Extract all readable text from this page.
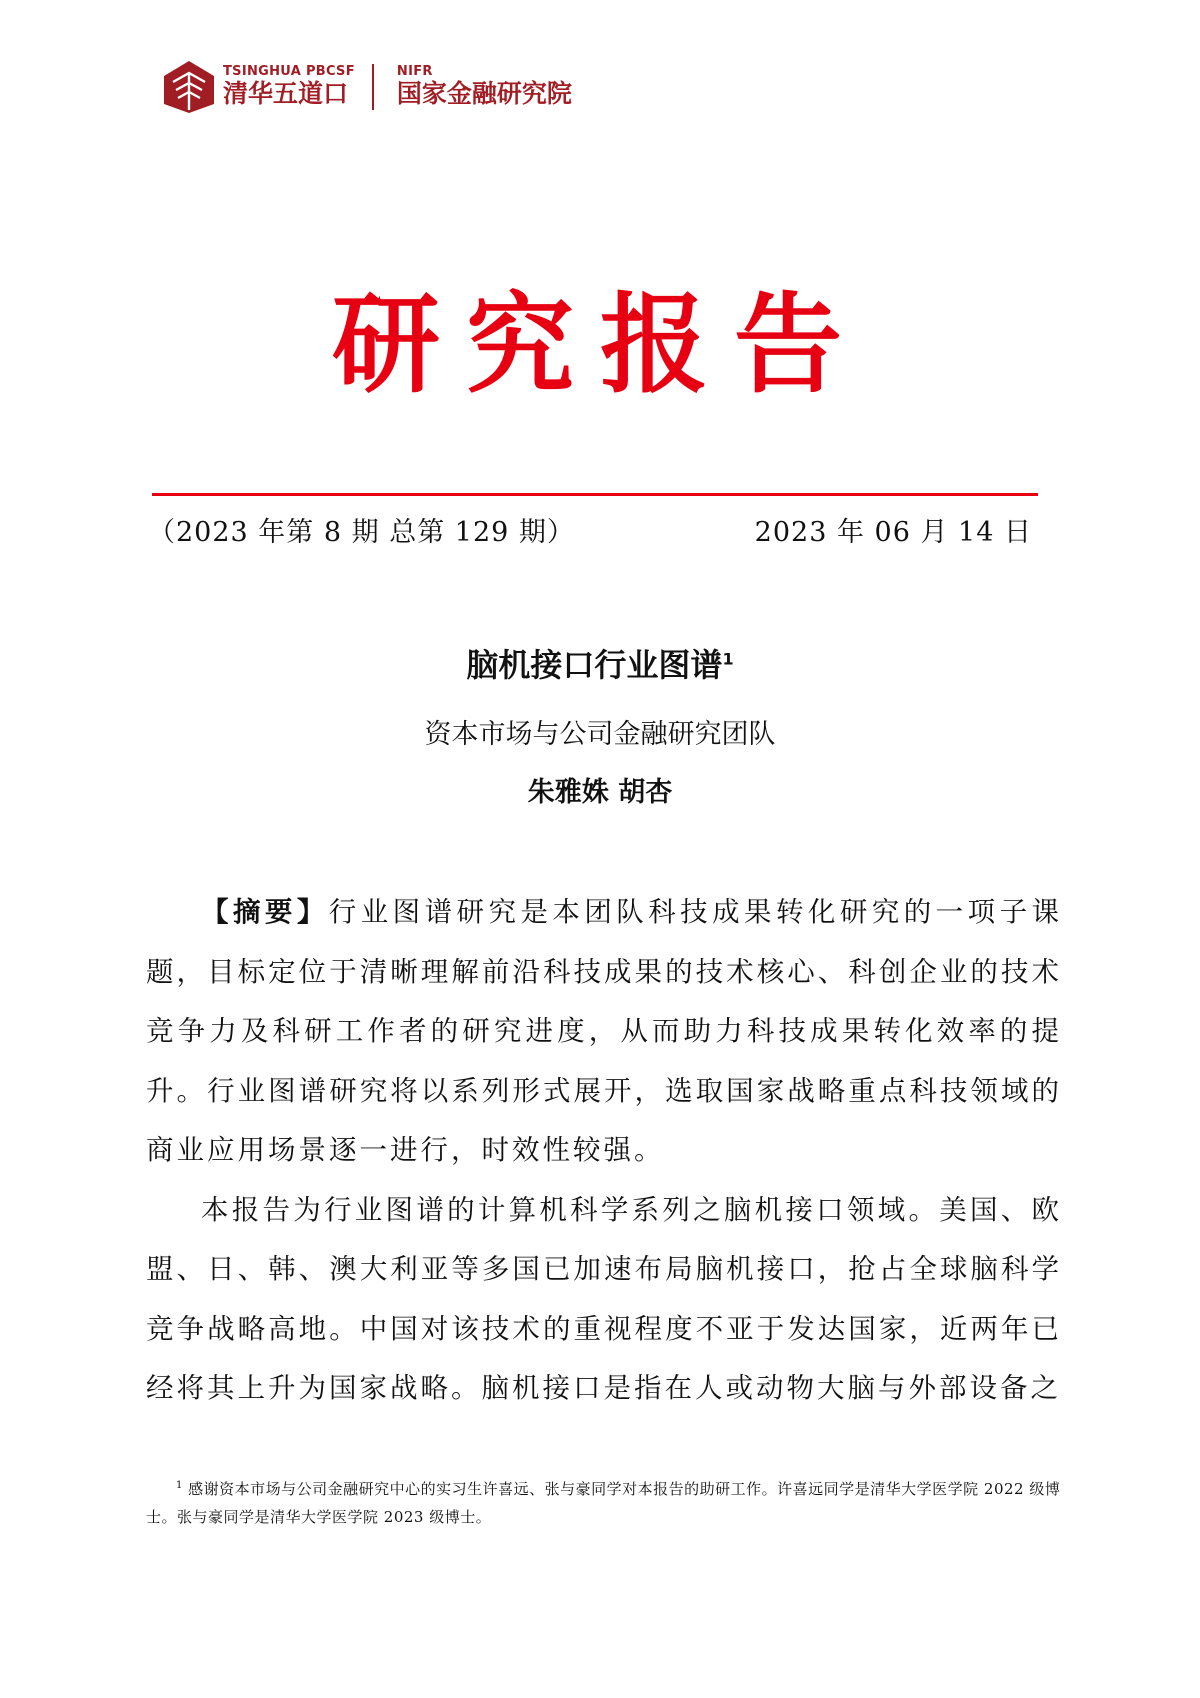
TSINGHUA PBCSF
清华五道口
NIFR
国家金融研究院
研究报告
（2023 年第 8 期 总第 129 期）	2023 年 06 月 14 日
脑机接口行业图谱$^1$
资本市场与公司金融研究团队
朱雅姝 胡杏

【摘要】行业图谱研究是本团队科技成果转化研究的一项子课题，目标定位于清晰理解前沿科技成果的技术核心、科创企业的技术竞争力及科研工作者的研究进度，从而助力科技成果转化效率的提升。行业图谱研究将以系列形式展开，选取国家战略重点科技领域的商业应用场景逐一进行，时效性较强。

本报告为行业图谱的计算机科学系列之脑机接口领域。美国、欧盟、日、韩、澳大利亚等多国已加速布局脑机接口，抢占全球脑科学竞争战略高地。中国对该技术的重视程度不亚于发达国家，近两年已经将其上升为国家战略。脑机接口是指在人或动物大脑与外部设备之

$^1$ 感谢资本市场与公司金融研究中心的实习生许喜远、张与豪同学对本报告的助研工作。许喜远同学是清华大学医学院 2022 级博士。张与豪同学是清华大学医学院 2023 级博士。
